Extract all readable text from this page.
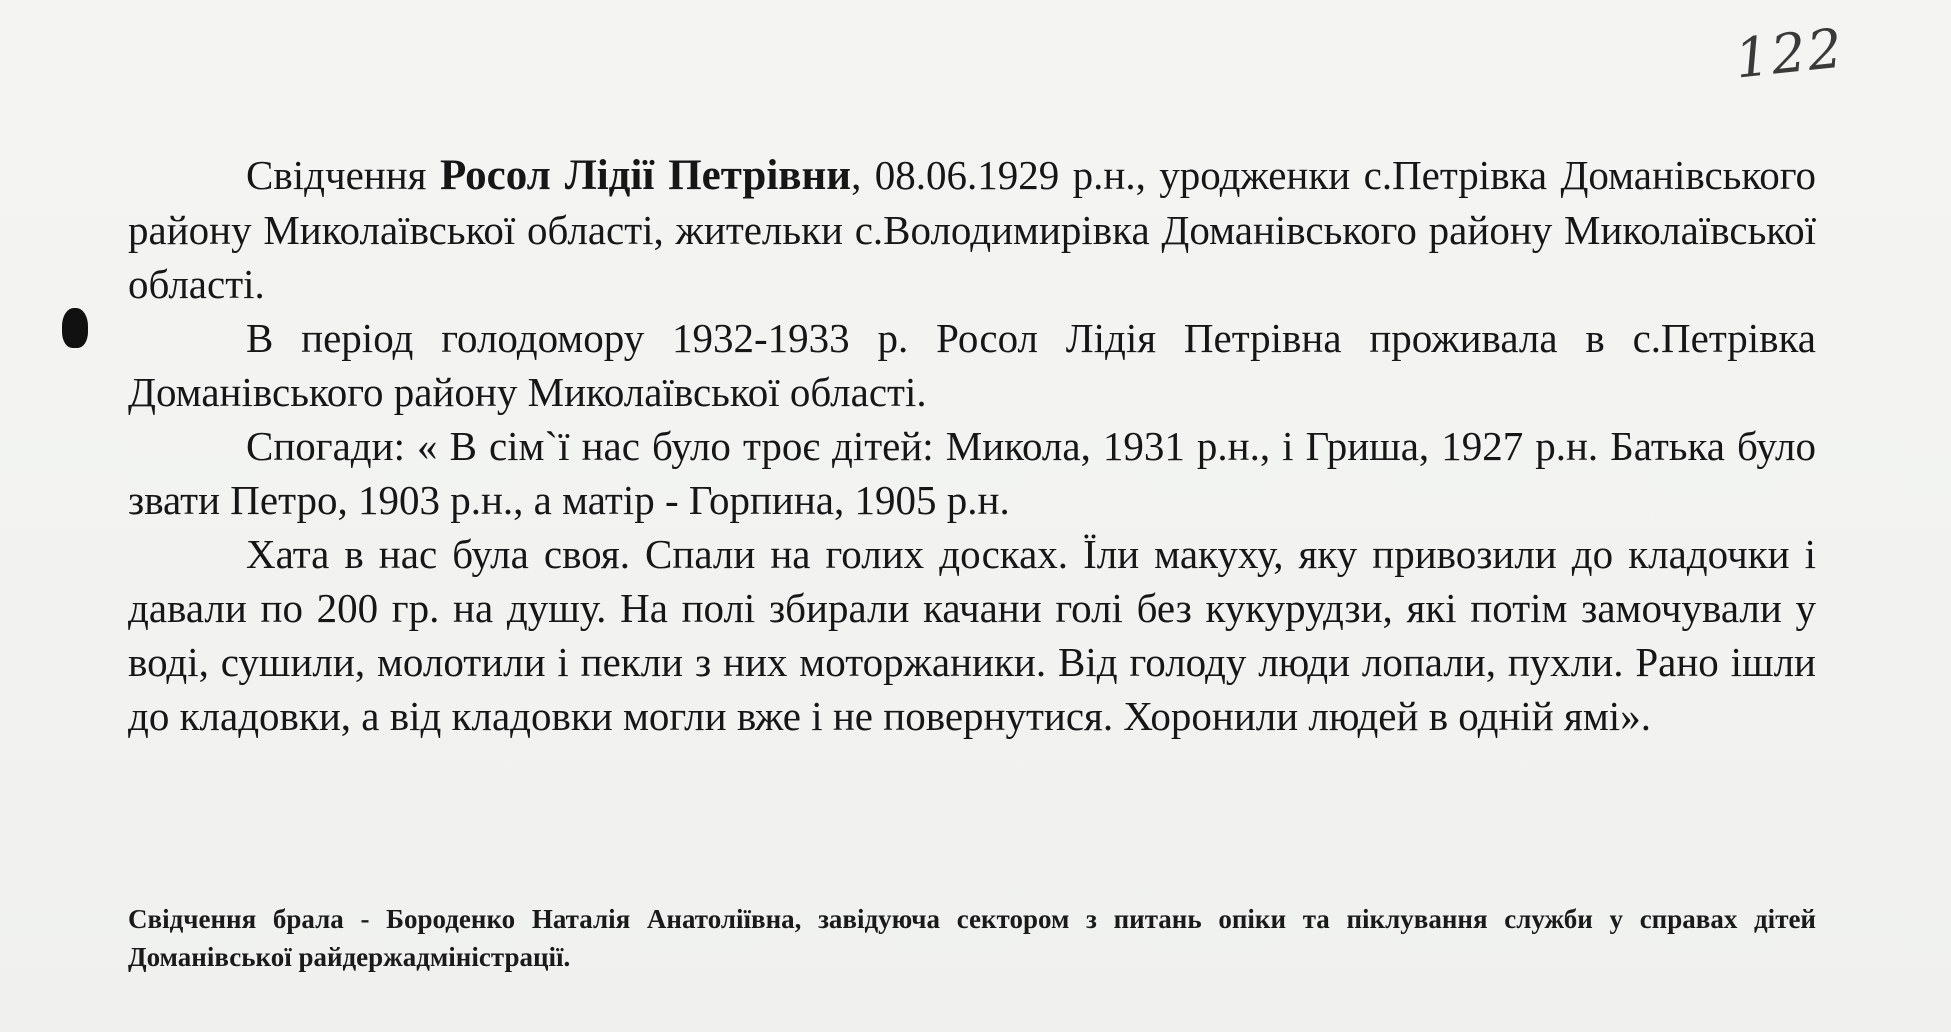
122

Свідчення Росол Лідії Петрівни, 08.06.1929 р.н., уродженки с.Петрівка Доманівського району Миколаївської області, жительки с.Володимирівка Доманівського району Миколаївської області.

В період голодомору 1932-1933 р. Росол Лідія Петрівна проживала в с.Петрівка Доманівського району Миколаївської області.

Спогади: « В сім`ї нас було троє дітей: Микола, 1931 р.н., і Гриша, 1927 р.н. Батька було звати Петро, 1903 р.н., а матір - Горпина, 1905 р.н.

Хата в нас була своя. Спали на голих досках. Їли макуху, яку привозили до кладочки і давали по 200 гр. на душу. На полі збирали качани голі без кукурудзи, які потім замочували у воді, сушили, молотили і пекли з них моторжаники. Від голоду люди лопали, пухли. Рано ішли до кладовки, а від кладовки могли вже і не повернутися. Хоронили людей в одній ямі».

Свідчення брала - Бороденко Наталія Анатоліївна, завідуюча сектором з питань опіки та піклування служби у справах дітей Доманівської райдержадміністрації.
